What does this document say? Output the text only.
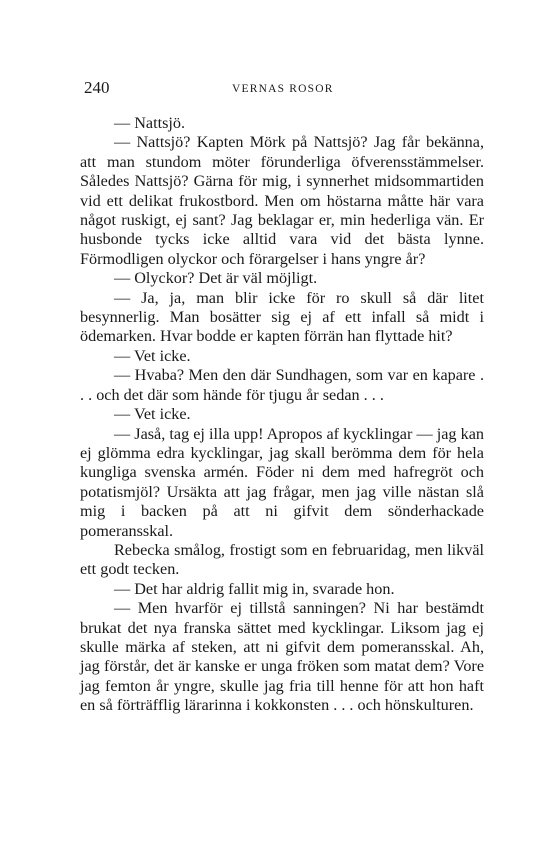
240	VERNAS ROSOR

— Nattsjö.

— Nattsjö? Kapten Mörk på Nattsjö? Jag får bekänna, att man stundom möter förunderliga öfverensstämmelser. Således Nattsjö? Gärna för mig, i synnerhet midsommartiden vid ett delikat frukostbord. Men om höstarna måtte här vara något ruskigt, ej sant? Jag beklagar er, min hederliga vän. Er husbonde tycks icke alltid vara vid det bästa lynne. Förmodligen olyckor och förargelser i hans yngre år?

— Olyckor? Det är väl möjligt.

— Ja, ja, man blir icke för ro skull så där litet besynnerlig. Man bosätter sig ej af ett infall så midt i ödemarken. Hvar bodde er kapten förrän han flyttade hit?

— Vet icke.

— Hvaba? Men den där Sundhagen, som var en kapare . . . och det där som hände för tjugu år sedan . . .

— Vet icke.

— Jaså, tag ej illa upp! Apropos af kycklingar — jag kan ej glömma edra kycklingar, jag skall berömma dem för hela kungliga svenska armén. Föder ni dem med hafregröt och potatismjöl? Ursäkta att jag frågar, men jag ville nästan slå mig i backen på att ni gifvit dem sönderhackade pomeransskal.

Rebecka smålog, frostigt som en februaridag, men likväl ett godt tecken.

— Det har aldrig fallit mig in, svarade hon.

— Men hvarför ej tillstå sanningen? Ni har bestämdt brukat det nya franska sättet med kycklingar. Liksom jag ej skulle märka af steken, att ni gifvit dem pomeransskal. Ah, jag förstår, det är kanske er unga fröken som matat dem? Vore jag femton år yngre, skulle jag fria till henne för att hon haft en så förträfflig lärarinna i kokkonsten . . . och hönskulturen.
